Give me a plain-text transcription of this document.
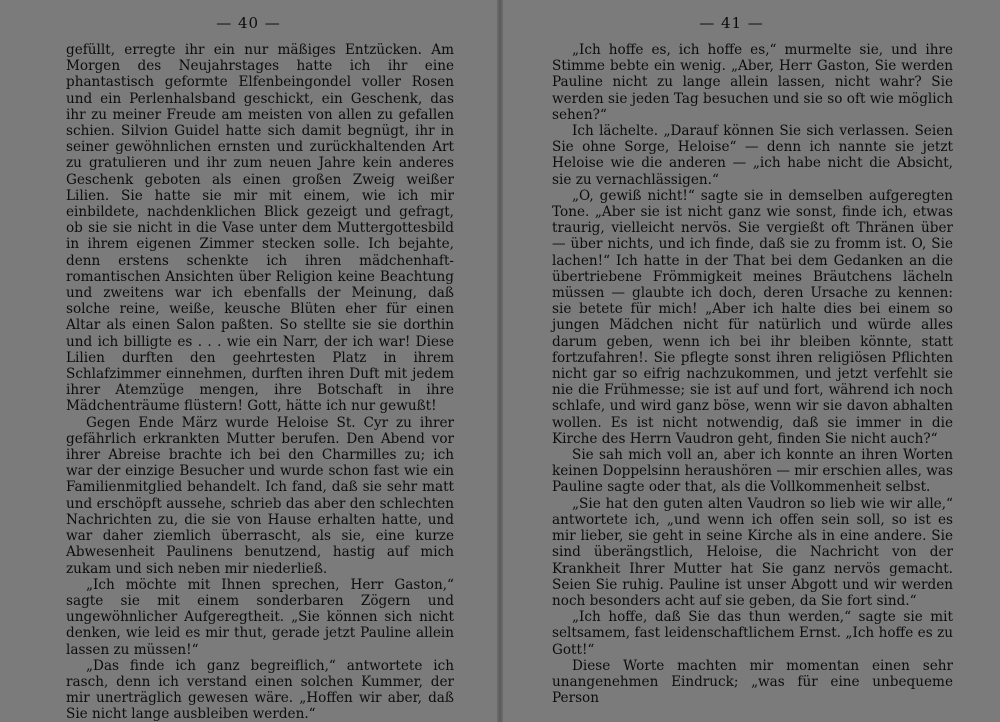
— 40 —

gefüllt, erregte ihr ein nur mäßiges Entzücken. Am Morgen des Neujahrstages hatte ich ihr eine phantastisch geformte Elfenbeingondel voller Rosen und ein Perlenhalsband geschickt, ein Geschenk, das ihr zu meiner Freude am meisten von allen zu gefallen schien. Silvion Guidel hatte sich damit begnügt, ihr in seiner gewöhnlichen ernsten und zurückhaltenden Art zu gratulieren und ihr zum neuen Jahre kein anderes Geschenk geboten als einen großen Zweig weißer Lilien. Sie hatte sie mir mit einem, wie ich mir einbildete, nachdenklichen Blick gezeigt und gefragt, ob sie sie nicht in die Vase unter dem Muttergottesbild in ihrem eigenen Zimmer stecken solle. Ich bejahte, denn erstens schenkte ich ihren mädchenhaft-romantischen Ansichten über Religion keine Beachtung und zweitens war ich ebenfalls der Meinung, daß solche reine, weiße, keusche Blüten eher für einen Altar als einen Salon paßten. So stellte sie sie dorthin und ich billigte es . . . wie ein Narr, der ich war! Diese Lilien durften den geehrtesten Platz in ihrem Schlafzimmer einnehmen, durften ihren Duft mit jedem ihrer Atemzüge mengen, ihre Botschaft in ihre Mädchenträume flüstern! Gott, hätte ich nur gewußt!

Gegen Ende März wurde Heloise St. Cyr zu ihrer gefährlich erkrankten Mutter berufen. Den Abend vor ihrer Abreise brachte ich bei den Charmilles zu; ich war der einzige Besucher und wurde schon fast wie ein Familienmitglied behandelt. Ich fand, daß sie sehr matt und erschöpft aussehe, schrieb das aber den schlechten Nachrichten zu, die sie von Hause erhalten hatte, und war daher ziemlich überrascht, als sie, eine kurze Abwesenheit Paulinens benutzend, hastig auf mich zukam und sich neben mir niederließ.

„Ich möchte mit Ihnen sprechen, Herr Gaston,“ sagte sie mit einem sonderbaren Zögern und ungewöhnlicher Aufgeregtheit. „Sie können sich nicht denken, wie leid es mir thut, gerade jetzt Pauline allein lassen zu müssen!“

„Das finde ich ganz begreiflich,“ antwortete ich rasch, denn ich verstand einen solchen Kummer, der mir unerträglich gewesen wäre. „Hoffen wir aber, daß Sie nicht lange ausbleiben werden.“

— 41 —

„Ich hoffe es, ich hoffe es,“ murmelte sie, und ihre Stimme bebte ein wenig. „Aber, Herr Gaston, Sie werden Pauline nicht zu lange allein lassen, nicht wahr? Sie werden sie jeden Tag besuchen und sie so oft wie möglich sehen?“

Ich lächelte. „Darauf können Sie sich verlassen. Seien Sie ohne Sorge, Heloise“ — denn ich nannte sie jetzt Heloise wie die anderen — „ich habe nicht die Absicht, sie zu vernachlässigen.“

„O, gewiß nicht!“ sagte sie in demselben aufgeregten Tone. „Aber sie ist nicht ganz wie sonst, finde ich, etwas traurig, vielleicht nervös. Sie vergießt oft Thränen über — über nichts, und ich finde, daß sie zu fromm ist. O, Sie lachen!“ Ich hatte in der That bei dem Gedanken an die übertriebene Frömmigkeit meines Bräutchens lächeln müssen — glaubte ich doch, deren Ursache zu kennen: sie betete für mich! „Aber ich halte dies bei einem so jungen Mädchen nicht für natürlich und würde alles darum geben, wenn ich bei ihr bleiben könnte, statt fortzufahren!. Sie pflegte sonst ihren religiösen Pflichten nicht gar so eifrig nachzukommen, und jetzt verfehlt sie nie die Frühmesse; sie ist auf und fort, während ich noch schlafe, und wird ganz böse, wenn wir sie davon abhalten wollen. Es ist nicht notwendig, daß sie immer in die Kirche des Herrn Vaudron geht, finden Sie nicht auch?“

Sie sah mich voll an, aber ich konnte an ihren Worten keinen Doppelsinn heraushören — mir erschien alles, was Pauline sagte oder that, als die Vollkommenheit selbst.

„Sie hat den guten alten Vaudron so lieb wie wir alle,“ antwortete ich, „und wenn ich offen sein soll, so ist es mir lieber, sie geht in seine Kirche als in eine andere. Sie sind überängstlich, Heloise, die Nachricht von der Krankheit Ihrer Mutter hat Sie ganz nervös gemacht. Seien Sie ruhig. Pauline ist unser Abgott und wir werden noch besonders acht auf sie geben, da Sie fort sind.“

„Ich hoffe, daß Sie das thun werden,“ sagte sie mit seltsamem, fast leidenschaftlichem Ernst. „Ich hoffe es zu Gott!“

Diese Worte machten mir momentan einen sehr unangenehmen Eindruck; „was für eine unbequeme Person
